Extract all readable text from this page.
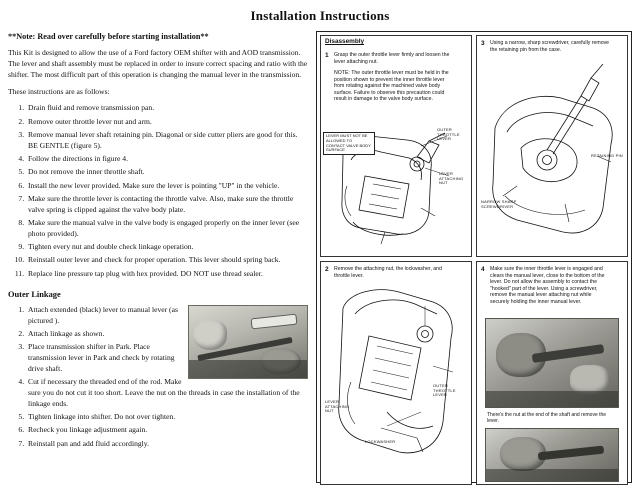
Installation Instructions
**Note: Read over carefully before starting installation**

This Kit is designed to allow the use of a Ford factory OEM shifter with and AOD transmission. The lever and shaft assembly must be replaced in order to insure correct spacing and ratio with the shifter. The most difficult part of this operation is changing the manual lever in the transmission.

These instructions are as follows:

1. Drain fluid and remove transmission pan.
2. Remove outer throttle lever nut and arm.
3. Remove manual lever shaft retaining pin. Diagonal or side cutter pliers are good for this. BE GENTLE (figure 5).
4. Follow the directions in figure 4.
5. Do not remove the inner throttle shaft.
6. Install the new lever provided. Make sure the lever is pointing "UP" in the vehicle.
7. Make sure the throttle lever is contacting the throttle valve. Also, make sure the throttle valve spring is clipped against the valve body plate.
8. Make sure the manual valve in the valve body is engaged properly on the inner lever (see photo provided).
9. Tighten every nut and double check linkage operation.
10. Reinstall outer lever and check for proper operation. This lever should spring back.
11. Replace line pressure tap plug with hex provided. DO NOT use thread sealer.
Outer Linkage
1. Attach extended (black) lever to manual lever (as pictured ).
2. Attach linkage as shown.
3. Place transmission shifter in Park. Place transmission lever in Park and check by rotating drive shaft.
4. Cut if necessary the threaded end of the rod. Make sure you do not cut it too short. Leave the nut on the threads in case the installation of the linkage ends.
5. Tighten linkage into shifter. Do not over tighten.
6. Recheck you linkage adjustment again.
7. Reinstall pan and add fluid accordingly.
Disassembly
1 Grasp the outer throttle lever firmly and loosen the lever attaching nut.
NOTE: The outer throttle lever must be held in the position shown to prevent the inner throttle lever from rotating against the machined valve body surface. Failure to observe this precaution could result in damage to the valve body surface.
LEVER MUST NOT BE ALLOWED TO CONTACT VALVE BODY SURFACE
LEVER ATTACHING NUT
OUTER THROTTLE LEVER
3 Using a narrow, sharp screwdriver, carefully remove the retaining pin from the case.
RETAINING PIN
NARROW SHARP SCREWDRIVER
2 Remove the attaching nut, the lockwasher, and throttle lever.
LEVER ATTACHING NUT
LOCKWASHER
OUTER THROTTLE LEVER
4 Make sure the inner throttle lever is engaged and clears the manual lever, close to the bottom of the lever. Do not allow the assembly to contact the "hooked" part of the lever. Using a screwdriver, remove the manual lever attaching nut while securely holding the inner manual lever.
There's the nut at the end of the shaft and remove the lever.
